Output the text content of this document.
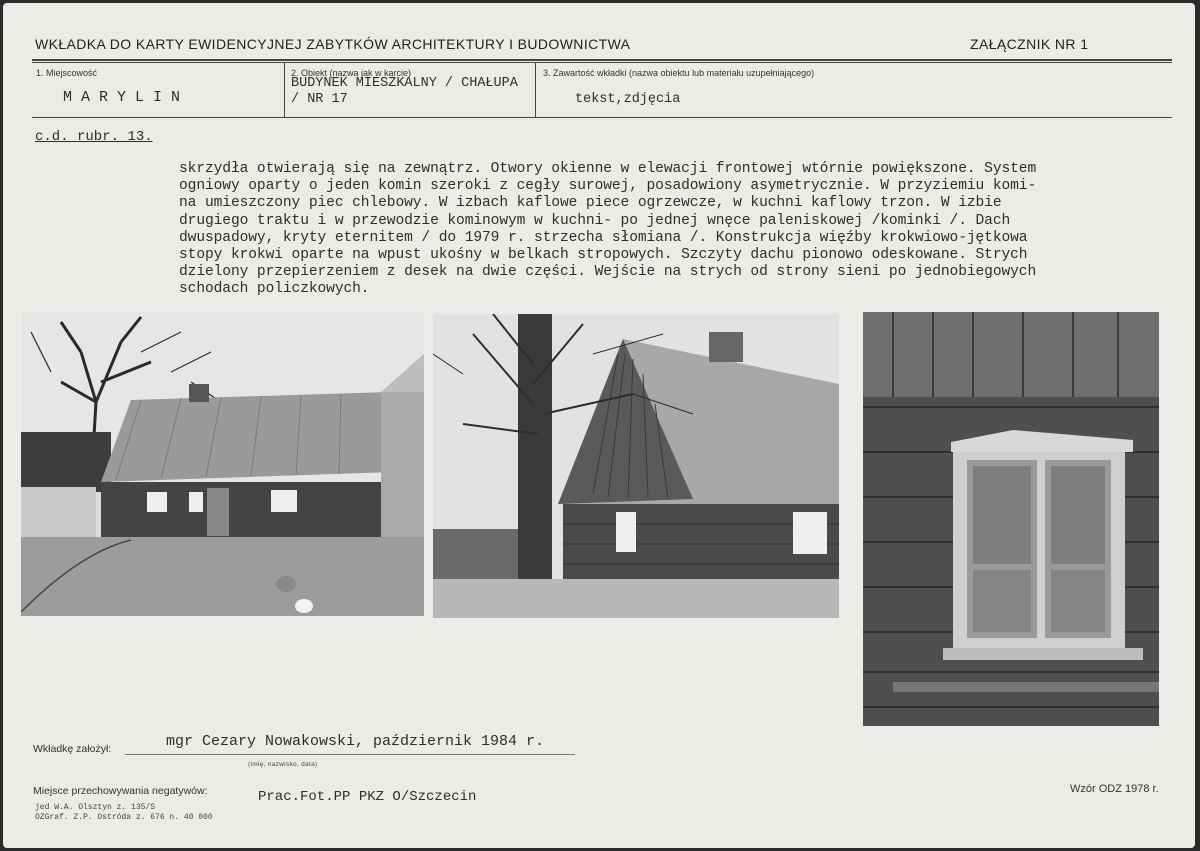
WKŁADKA DO KARTY EWIDENCYJNEJ ZABYTKÓW ARCHITEKTURY I BUDOWNICTWA	ZAŁĄCZNIK NR 1
1. Miejscowość
MARYLIN
2. Obiekt (nazwa jak w karcie)
BUDYNEK MIESZKALNY / CHAŁUPA / NR 17
3. Zawartość wkładki (nazwa obiektu lub materiału uzupełniającego)
tekst,zdjęcia
c.d. rubr. 13.
skrzydła otwierają się na zewnątrz. Otwory okienne w elewacji frontowej wtórnie powiększone. System
ogniowy oparty o jeden komin szeroki z cegły surowej, posadowiony asymetrycznie. W przyziemiu komi-
na umieszczony piec chlebowy. W izbach kaflowe piece ogrzewcze, w kuchni kaflowy trzon. W izbie
drugiego traktu i w przewodzie kominowym w kuchni- po jednej wnęce paleniskowej /kominki /. Dach
dwuspadowy, kryty eternitem / do 1979 r. strzecha słomiana /. Konstrukcja więźby krokwiowo-jętkowa
stopy krokwi oparte na wpust ukośny w belkach stropowych. Szczyty dachu pionowo odeskowane. Strych
dzielony przepierzeniem z desek na dwie części. Wejście na strych od strony sieni po jednobiegowych
schodach policzkowych.
Wkładkę założył:	mgr Cezary Nowakowski, październik 1984 r.
(imię, nazwisko, data)
Miejsce przechowywania negatywów:	Prac.Fot.PP PKZ O/Szczecin	Wzór ODZ 1978 r.
jed W.A. Olsztyn z. 135/S
OZGraf. Z.P. Ostróda z. 676 n. 40 000
